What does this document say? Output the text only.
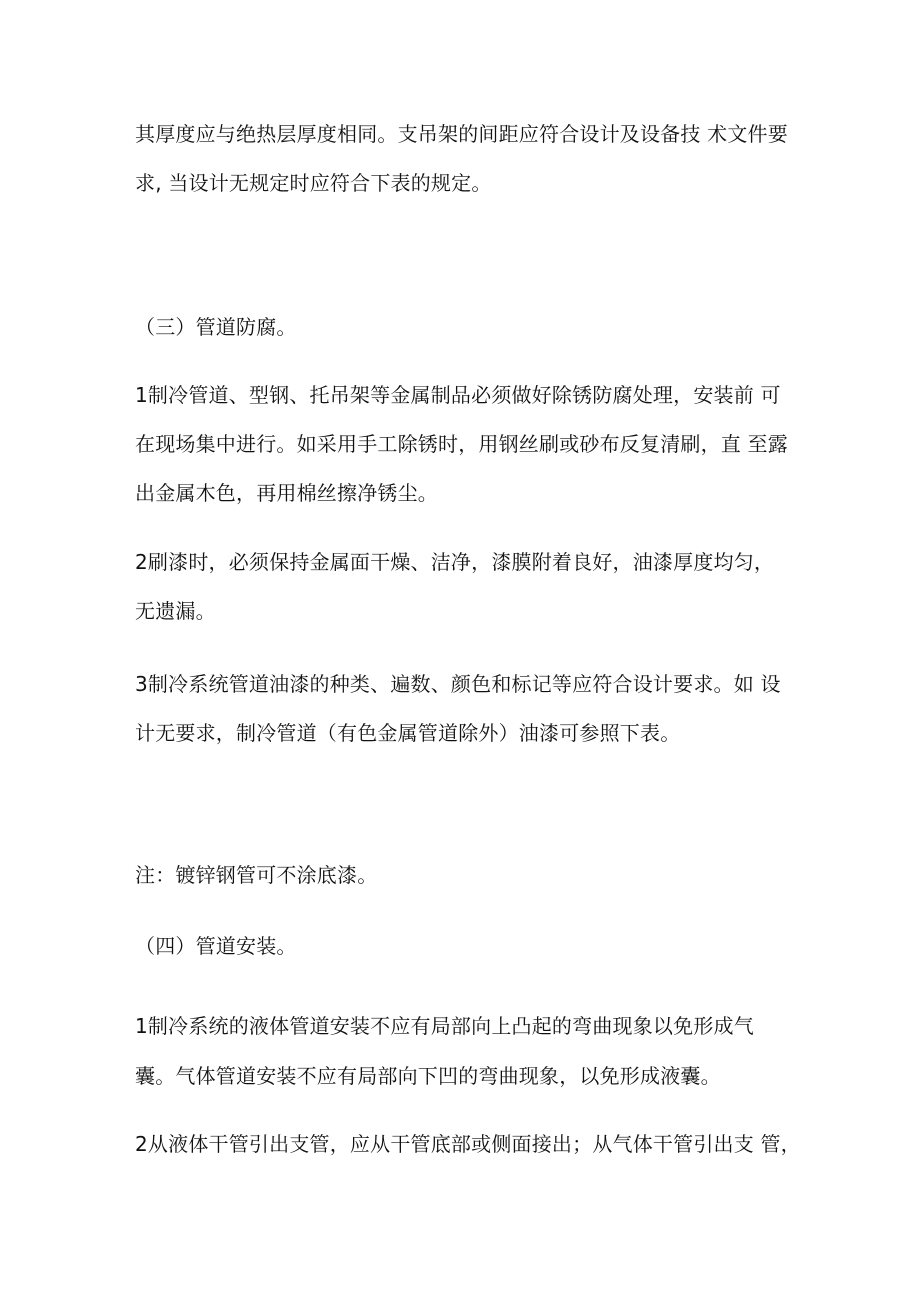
其厚度应与绝热层厚度相同。支吊架的间距应符合设计及设备技 术文件要
求, 当设计无规定时应符合下表的规定。
（三）管道防腐。
1制冷管道、型钢、托吊架等金属制品必须做好除锈防腐处理，安装前 可
在现场集中进行。如采用手工除锈时，用钢丝刷或砂布反复清刷，直 至露
出金属木色，再用棉丝擦净锈尘。
2刷漆时，必须保持金属面干燥、洁净，漆膜附着良好，油漆厚度均匀，
无遗漏。
3制冷系统管道油漆的种类、遍数、颜色和标记等应符合设计要求。如 设
计无要求，制冷管道（有色金属管道除外）油漆可参照下表。
注：镀锌钢管可不涂底漆。
（四）管道安装。
1制冷系统的液体管道安装不应有局部向上凸起的弯曲现象以免形成气
囊。气体管道安装不应有局部向下凹的弯曲现象，以免形成液囊。
2从液体干管引出支管，应从干管底部或侧面接出；从气体干管引出支 管，
